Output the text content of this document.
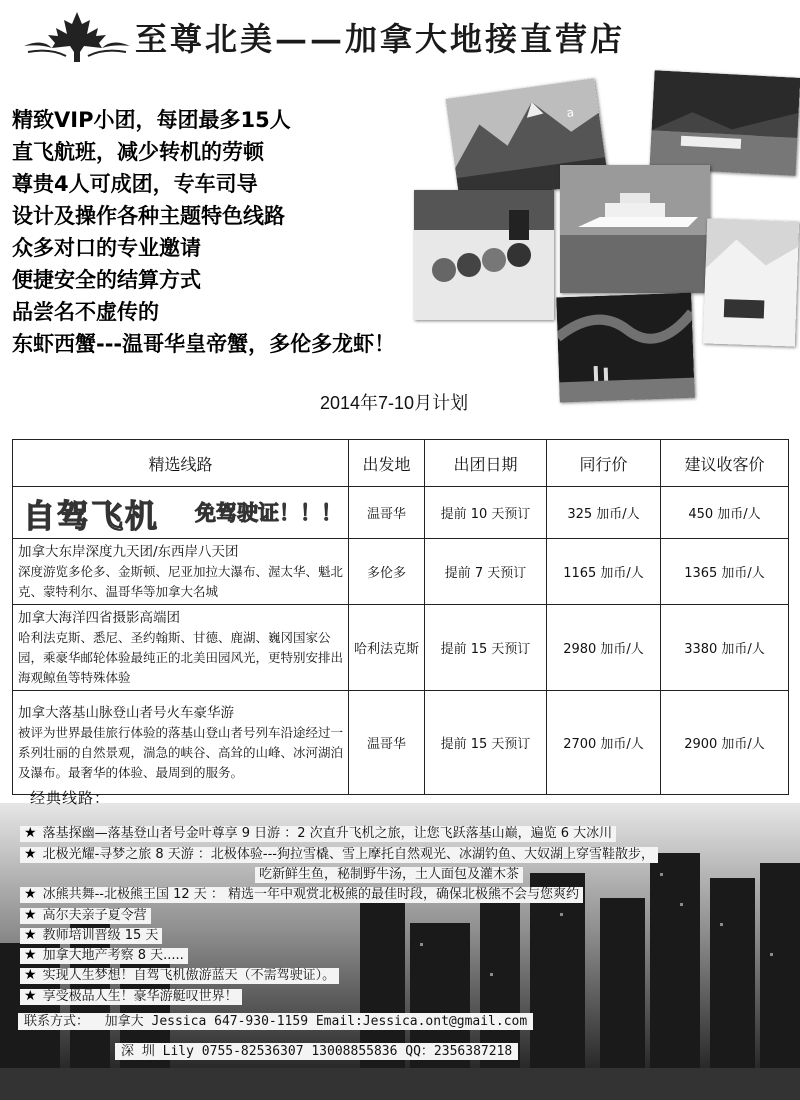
至尊北美——加拿大地接直营店
精致VIP小团，每团最多15人
直飞航班，减少转机的劳顿
尊贵4人可成团，专车司导
设计及操作各种主题特色线路
众多对口的专业邀请
便捷安全的结算方式
品尝名不虚传的
东虾西蟹---温哥华皇帝蟹，多伦多龙虾！
a
2014年7-10月计划
精选线路	出发地	出团日期	同行价	建议收客价

自驾飞机 免驾驶证！！！	温哥华	提前 10 天预订	325 加币/人	450 加币/人

加拿大东岸深度九天团/东西岸八天团
深度游览多伦多、金斯顿、尼亚加拉大瀑布、渥太华、魁北克、蒙特利尔、温哥华等加拿大名城	多伦多	提前 7 天预订	1165 加币/人	1365 加币/人

加拿大海洋四省摄影高端团
哈利法克斯、悉尼、圣约翰斯、甘德、鹿湖、巍冈国家公园，乘豪华邮轮体验最纯正的北美田园风光，更特别安排出海观鲸鱼等特殊体验	哈利法克斯	提前 15 天预订	2980 加币/人	3380 加币/人

加拿大落基山脉登山者号火车豪华游
被评为世界最佳旅行体验的落基山登山者号列车沿途经过一系列壮丽的自然景观，湍急的峡谷、高耸的山峰、冰河湖泊及瀑布。最奢华的体验、最周到的服务。	温哥华	提前 15 天预订	2700 加币/人	2900 加币/人
经典线路：
★ 落基探幽—落基登山者号金叶尊享 9 日游 ：2 次直升飞机之旅，让您飞跃落基山巅，遍览 6 大冰川
★ 北极光耀-寻梦之旅 8 天游 ：北极体验---狗拉雪橇、雪上摩托自然观光、冰湖钓鱼、大奴湖上穿雪鞋散步，
吃新鲜生鱼，秘制野牛汤，土人面包及灌木茶
★ 冰熊共舞--北极熊王国 12 天 ： 精选一年中观赏北极熊的最佳时段，确保北极熊不会与您爽约
★ 高尔夫亲子夏令营
★ 教师培训晋级 15 天
★ 加拿大地产考察 8 天.....
★ 实现人生梦想！自驾飞机傲游蓝天（不需驾驶证）。
★ 享受极品人生！豪华游艇叹世界！
联系方式： 加拿大 Jessica 647-930-1159 Email:Jessica.ont@gmail.com
深 圳 Lily 0755-82536307 13008855836 QQ：2356387218
